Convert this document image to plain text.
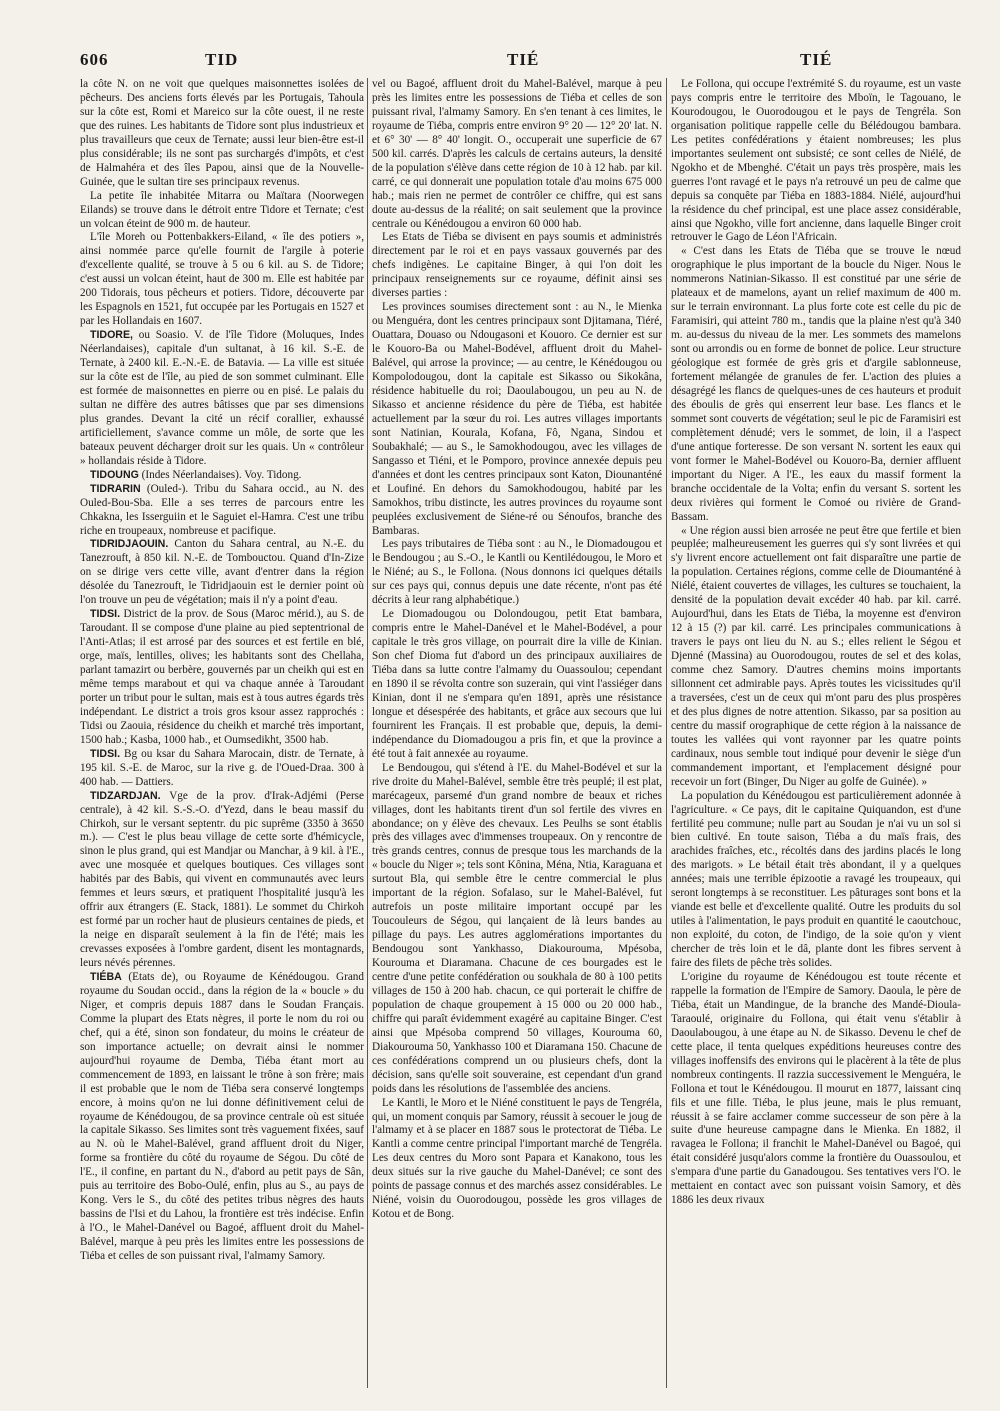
606	TID	TIÉ	TIÉ

la côte N. on ne voit que quelques maisonnettes isolées de pêcheurs. Des anciens forts élevés par les Portugais, Tahoula sur la côte est, Romi et Mareico sur la côte ouest, il ne reste que des ruines. Les habitants de Tidore sont plus industrieux et plus travailleurs que ceux de Ternate; aussi leur bien-être est-il plus considérable; ils ne sont pas surchargés d'impôts, et c'est de Halmahéra et des îles Papou, ainsi que de la Nouvelle-Guinée, que le sultan tire ses principaux revenus.

La petite île inhabitée Mitarra ou Maïtara (Noorwegen Eilands) se trouve dans le détroit entre Tidore et Ternate; c'est un volcan éteint de 900 m. de hauteur.

L'île Moreh ou Pottenbakkers-Eiland, « île des potiers », ainsi nommée parce qu'elle fournit de l'argile à poterie d'excellente qualité, se trouve à 5 ou 6 kil. au S. de Tidore; c'est aussi un volcan éteint, haut de 300 m. Elle est habitée par 200 Tidorais, tous pêcheurs et potiers. Tidore, découverte par les Espagnols en 1521, fut occupée par les Portugais en 1527 et par les Hollandais en 1607.

TIDORE, ou Soasio. V. de l'île Tidore (Moluques, Indes Néerlandaises), capitale d'un sultanat, à 16 kil. S.-E. de Ternate, à 2400 kil. E.-N.-E. de Batavia. — La ville est située sur la côte est de l'île, au pied de son sommet culminant. Elle est formée de maisonnettes en pierre ou en pisé. Le palais du sultan ne diffère des autres bâtisses que par ses dimensions plus grandes. Devant la cité un récif corallier, exhaussé artificiellement, s'avance comme un môle, de sorte que les bateaux peuvent décharger droit sur les quais. Un « contrôleur » hollandais réside à Tidore.

TIDOUNG (Indes Néerlandaises). Voy. Tidong.

TIDRARIN (Ouled-). Tribu du Sahara occid., au N. des Ouled-Bou-Sba. Elle a ses terres de parcours entre les Chkakna, les Isserguiin et le Saguiet el-Hamra. C'est une tribu riche en troupeaux, nombreuse et pacifique.

TIDRIDJAOUIN. Canton du Sahara central, au N.-E. du Tanezrouft, à 850 kil. N.-E. de Tombouctou. Quand d'In-Zize on se dirige vers cette ville, avant d'entrer dans la région désolée du Tanezrouft, le Tidridjaouin est le dernier point où l'on trouve un peu de végétation; mais il n'y a point d'eau.

TIDSI. District de la prov. de Sous (Maroc mérid.), au S. de Taroudant. Il se compose d'une plaine au pied septentrional de l'Anti-Atlas; il est arrosé par des sources et est fertile en blé, orge, maïs, lentilles, olives; les habitants sont des Chellaha, parlant tamazirt ou berbère, gouvernés par un cheikh qui est en même temps marabout et qui va chaque année à Taroudant porter un tribut pour le sultan, mais est à tous autres égards très indépendant. Le district a trois gros ksour assez rapprochés : Tidsi ou Zaouia, résidence du cheikh et marché très important, 1500 hab.; Kasba, 1000 hab., et Oumsedikht, 3500 hab.

TIDSI. Bg ou ksar du Sahara Marocain, distr. de Ternate, à 195 kil. S.-E. de Maroc, sur la rive g. de l'Oued-Draa. 300 à 400 hab. — Dattiers.

TIDZARDJAN. Vge de la prov. d'Irak-Adjémi (Perse centrale), à 42 kil. S.-S.-O. d'Yezd, dans le beau massif du Chirkoh, sur le versant septentr. du pic suprême (3350 à 3650 m.). — C'est le plus beau village de cette sorte d'hémicycle, sinon le plus grand, qui est Mandjar ou Manchar, à 9 kil. à l'E., avec une mosquée et quelques boutiques. Ces villages sont habités par des Babis, qui vivent en communautés avec leurs femmes et leurs sœurs, et pratiquent l'hospitalité jusqu'à les offrir aux étrangers (E. Stack, 1881). Le sommet du Chirkoh est formé par un rocher haut de plusieurs centaines de pieds, et la neige en disparaît seulement à la fin de l'été; mais les crevasses exposées à l'ombre gardent, disent les montagnards, leurs névés pérennes.

TIÉBA (Etats de), ou Royaume de Kénédougou. Grand royaume du Soudan occid., dans la région de la « boucle » du Niger, et compris depuis 1887 dans le Soudan Français. Comme la plupart des Etats nègres, il porte le nom du roi ou chef, qui a été, sinon son fondateur, du moins le créateur de son importance actuelle; on devrait ainsi le nommer aujourd'hui royaume de Demba, Tiéba étant mort au commencement de 1893, en laissant le trône à son frère; mais il est probable que le nom de Tiéba sera conservé longtemps encore, à moins qu'on ne lui donne définitivement celui de royaume de Kénédougou, de sa province centrale où est située la capitale Sikasso. Ses limites sont très vaguement fixées, sauf au N. où le Mahel-Balével, grand affluent droit du Niger, forme sa frontière du côté du royaume de Ségou. Du côté de l'E., il confine, en partant du N., d'abord au petit pays de Sân, puis au territoire des Bobo-Oulé, enfin, plus au S., au pays de Kong. Vers le S., du côté des petites tribus nègres des hauts bassins de l'Isi et du Lahou, la frontière est très indécise. Enfin à l'O., le Mahel-Danével ou Bagoé, affluent droit du Mahel-Balével, marque à peu près les limites entre les possessions de Tiéba et celles de son puissant rival, l'almamy Samory.

vel ou Bagoé, affluent droit du Mahel-Balével, marque à peu près les limites entre les possessions de Tiéba et celles de son puissant rival, l'almamy Samory. En s'en tenant à ces limites, le royaume de Tiéba, compris entre environ 9° 20 — 12° 20' lat. N. et 6° 30' — 8° 40' longit. O., occuperait une superficie de 67 500 kil. carrés. D'après les calculs de certains auteurs, la densité de la population s'élève dans cette région de 10 à 12 hab. par kil. carré, ce qui donnerait une population totale d'au moins 675 000 hab.; mais rien ne permet de contrôler ce chiffre, qui est sans doute au-dessus de la réalité; on sait seulement que la province centrale ou Kénédougou a environ 60 000 hab.

Les Etats de Tiéba se divisent en pays soumis et administrés directement par le roi et en pays vassaux gouvernés par des chefs indigènes. Le capitaine Binger, à qui l'on doit les principaux renseignements sur ce royaume, définit ainsi ses diverses parties :

Les provinces soumises directement sont : au N., le Mienka ou Menguéra, dont les centres principaux sont Djitamana, Tiéré, Ouattara, Douaso ou Ndougasoni et Kouoro. Ce dernier est sur le Kouoro-Ba ou Mahel-Bodével, affluent droit du Mahel-Balével, qui arrose la province; — au centre, le Kénédougou ou Kompolodougou, dont la capitale est Sikasso ou Sikokâna, résidence habituelle du roi; Daoulabougou, un peu au N. de Sikasso et ancienne résidence du père de Tiéba, est habitée actuellement par la sœur du roi. Les autres villages importants sont Natinian, Kourala, Kofana, Fô, Ngana, Sindou et Soubakhalé; — au S., le Samokhodougou, avec les villages de Sangasso et Tiéni, et le Pomporo, province annexée depuis peu d'années et dont les centres principaux sont Katon, Diounanténé et Loufiné. En dehors du Samokhodougou, habité par les Samokhos, tribu distincte, les autres provinces du royaume sont peuplées exclusivement de Siéne-ré ou Sénoufos, branche des Bambaras.

Les pays tributaires de Tiéba sont : au N., le Diomadougou et le Bendougou ; au S.-O., le Kantli ou Kentilédougou, le Moro et le Niéné; au S., le Follona. (Nous donnons ici quelques détails sur ces pays qui, connus depuis une date récente, n'ont pas été décrits à leur rang alphabétique.)

Le Diomadougou ou Dolondougou, petit Etat bambara, compris entre le Mahel-Danével et le Mahel-Bodével, a pour capitale le très gros village, on pourrait dire la ville de Kinian. Son chef Dioma fut d'abord un des principaux auxiliaires de Tiéba dans sa lutte contre l'almamy du Ouassoulou; cependant en 1890 il se révolta contre son suzerain, qui vint l'assiéger dans Kinian, dont il ne s'empara qu'en 1891, après une résistance longue et désespérée des habitants, et grâce aux secours que lui fournirent les Français. Il est probable que, depuis, la demi-indépendance du Diomadougou a pris fin, et que la province a été tout à fait annexée au royaume.

Le Bendougou, qui s'étend à l'E. du Mahel-Bodével et sur la rive droite du Mahel-Balével, semble être très peuplé; il est plat, marécageux, parsemé d'un grand nombre de beaux et riches villages, dont les habitants tirent d'un sol fertile des vivres en abondance; on y élève des chevaux. Les Peulhs se sont établis près des villages avec d'immenses troupeaux. On y rencontre de très grands centres, connus de presque tous les marchands de la « boucle du Niger »; tels sont Kônina, Ména, Ntia, Karaguana et surtout Bla, qui semble être le centre commercial le plus important de la région. Sofalaso, sur le Mahel-Balével, fut autrefois un poste militaire important occupé par les Toucouleurs de Ségou, qui lançaient de là leurs bandes au pillage du pays. Les autres agglomérations importantes du Bendougou sont Yankhasso, Diakourouma, Mpésoba, Kourouma et Diaramana. Chacune de ces bourgades est le centre d'une petite confédération ou soukhala de 80 à 100 petits villages de 150 à 200 hab. chacun, ce qui porterait le chiffre de population de chaque groupement à 15 000 ou 20 000 hab., chiffre qui paraît évidemment exagéré au capitaine Binger. C'est ainsi que Mpésoba comprend 50 villages, Kourouma 60, Diakourouma 50, Yankhasso 100 et Diaramana 150. Chacune de ces confédérations comprend un ou plusieurs chefs, dont la décision, sans qu'elle soit souveraine, est cependant d'un grand poids dans les résolutions de l'assemblée des anciens.

Le Kantli, le Moro et le Niéné constituent le pays de Tengréla, qui, un moment conquis par Samory, réussit à secouer le joug de l'almamy et à se placer en 1887 sous le protectorat de Tiéba. Le Kantli a comme centre principal l'important marché de Tengréla. Les deux centres du Moro sont Papara et Kanakono, tous les deux situés sur la rive gauche du Mahel-Danével; ce sont des points de passage connus et des marchés assez considérables. Le Niéné, voisin du Ouorodougou, possède les gros villages de Kotou et de Bong.

Le Follona, qui occupe l'extrémité S. du royaume, est un vaste pays compris entre le territoire des Mboïn, le Tagouano, le Kourodougou, le Ouorodougou et le pays de Tengréla. Son organisation politique rappelle celle du Bélédougou bambara. Les petites confédérations y étaient nombreuses; les plus importantes seulement ont subsisté; ce sont celles de Niélé, de Ngokho et de Mbenghé. C'était un pays très prospère, mais les guerres l'ont ravagé et le pays n'a retrouvé un peu de calme que depuis sa conquête par Tiéba en 1883-1884. Niélé, aujourd'hui la résidence du chef principal, est une place assez considérable, ainsi que Ngokho, ville fort ancienne, dans laquelle Binger croit retrouver le Gago de Léon l'Africain.

« C'est dans les Etats de Tiéba que se trouve le nœud orographique le plus important de la boucle du Niger. Nous le nommerons Natinian-Sikasso. Il est constitué par une série de plateaux et de mamelons, ayant un relief maximum de 400 m. sur le terrain environnant. La plus forte cote est celle du pic de Faramisiri, qui atteint 780 m., tandis que la plaine n'est qu'à 340 m. au-dessus du niveau de la mer. Les sommets des mamelons sont ou arrondis ou en forme de bonnet de police. Leur structure géologique est formée de grès gris et d'argile sablonneuse, fortement mélangée de granules de fer. L'action des pluies a désagrégé les flancs de quelques-unes de ces hauteurs et produit des éboulis de grès qui enserrent leur base. Les flancs et le sommet sont couverts de végétation; seul le pic de Faramisiri est complètement dénudé; vers le sommet, de loin, il a l'aspect d'une antique forteresse. De son versant N. sortent les eaux qui vont former le Mahel-Bodével ou Kouoro-Ba, dernier affluent important du Niger. A l'E., les eaux du massif forment la branche occidentale de la Volta; enfin du versant S. sortent les deux rivières qui forment le Comoé ou rivière de Grand-Bassam.

« Une région aussi bien arrosée ne peut être que fertile et bien peuplée; malheureusement les guerres qui s'y sont livrées et qui s'y livrent encore actuellement ont fait disparaître une partie de la population. Certaines régions, comme celle de Dioumanténé à Niélé, étaient couvertes de villages, les cultures se touchaient, la densité de la population devait excéder 40 hab. par kil. carré. Aujourd'hui, dans les Etats de Tiéba, la moyenne est d'environ 12 à 15 (?) par kil. carré. Les principales communications à travers le pays ont lieu du N. au S.; elles relient le Ségou et Djenné (Massina) au Ouorodougou, routes de sel et des kolas, comme chez Samory. D'autres chemins moins importants sillonnent cet admirable pays. Après toutes les vicissitudes qu'il a traversées, c'est un de ceux qui m'ont paru des plus prospères et des plus dignes de notre attention. Sikasso, par sa position au centre du massif orographique de cette région à la naissance de toutes les vallées qui vont rayonner par les quatre points cardinaux, nous semble tout indiqué pour devenir le siège d'un commandement important, et l'emplacement désigné pour recevoir un fort (Binger, Du Niger au golfe de Guinée). »

La population du Kénédougou est particulièrement adonnée à l'agriculture. « Ce pays, dit le capitaine Quiquandon, est d'une fertilité peu commune; nulle part au Soudan je n'ai vu un sol si bien cultivé. En toute saison, Tiéba a du maïs frais, des arachides fraîches, etc., récoltés dans des jardins placés le long des marigots. » Le bétail était très abondant, il y a quelques années; mais une terrible épizootie a ravagé les troupeaux, qui seront longtemps à se reconstituer. Les pâturages sont bons et la viande est belle et d'excellente qualité. Outre les produits du sol utiles à l'alimentation, le pays produit en quantité le caoutchouc, non exploité, du coton, de l'indigo, de la soie qu'on y vient chercher de très loin et le dâ, plante dont les fibres servent à faire des filets de pêche très solides.

L'origine du royaume de Kénédougou est toute récente et rappelle la formation de l'Empire de Samory. Daoula, le père de Tiéba, était un Mandingue, de la branche des Mandé-Dioula-Taraoulé, originaire du Follona, qui était venu s'établir à Daoulabougou, à une étape au N. de Sikasso. Devenu le chef de cette place, il tenta quelques expéditions heureuses contre des villages inoffensifs des environs qui le placèrent à la tête de plus nombreux contingents. Il razzia successivement le Menguéra, le Follona et tout le Kénédougou. Il mourut en 1877, laissant cinq fils et une fille. Tiéba, le plus jeune, mais le plus remuant, réussit à se faire acclamer comme successeur de son père à la suite d'une heureuse campagne dans le Mienka. En 1882, il ravagea le Follona; il franchit le Mahel-Danével ou Bagoé, qui était considéré jusqu'alors comme la frontière du Ouassoulou, et s'empara d'une partie du Ganadougou. Ses tentatives vers l'O. le mettaient en contact avec son puissant voisin Samory, et dès 1886 les deux rivaux
